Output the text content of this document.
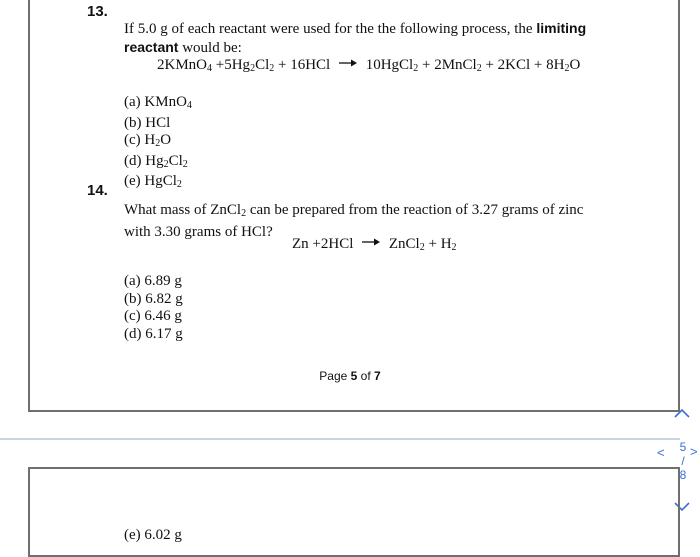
13.
If 5.0 g of each reactant were used for the the following process, the limiting
reactant would be:
2KMnO$_4$ $+5Hg_2Cl_2 + 16HCl$ → 10HgCl$_2$ + 2MnCl$_2$ + $2KCl + 8H_2O$
(a) KMnO$_4$
(b) HCl
(c) $H_2O$
(d) $Hg_2Cl_2$
(e) HgCl$_2$
14.
What mass of ZnCl$_2$ can be prepared from the reaction of 3.27 grams of zinc
with 3.30 grams of HCl?
Zn +2HCl → ZnCl$_2$ + $H_2$
(a) 6.89 g
(b) 6.82 g
(c) 6.46 g
(d) 6.17 g
Page 5 of 7
5
/
<	>
8
(e) 6.02 g
